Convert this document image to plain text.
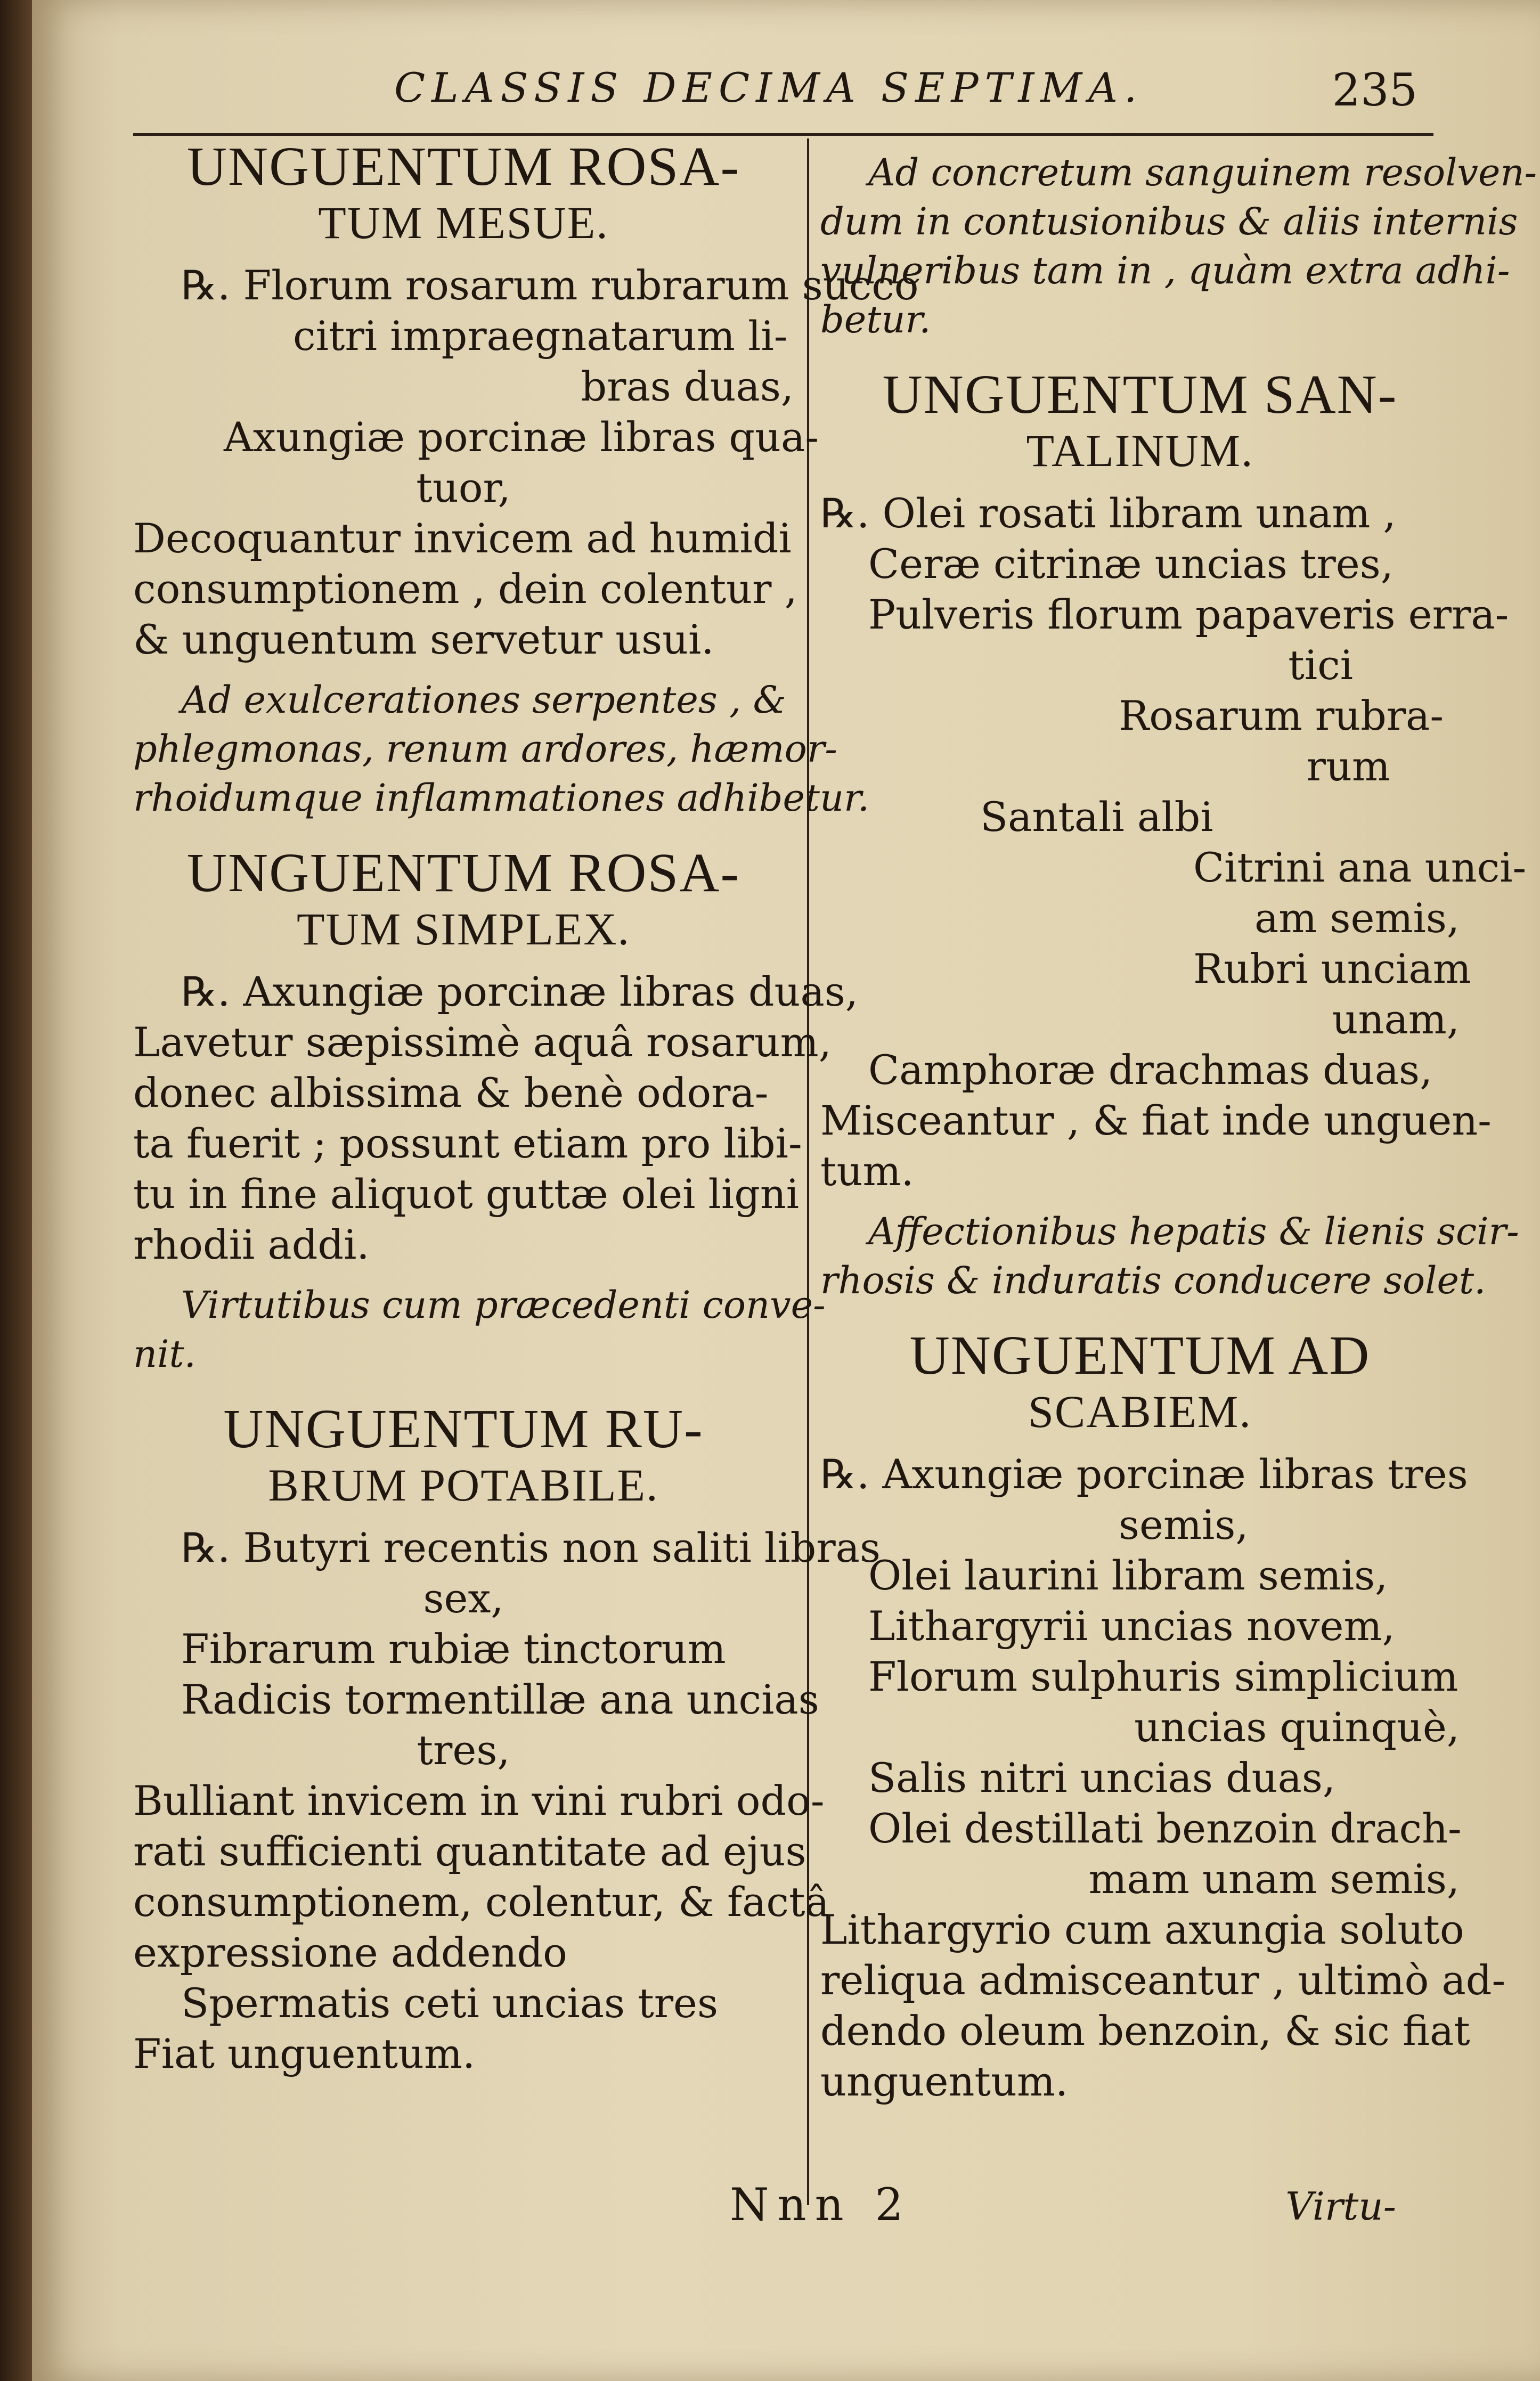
CLASSIS DECIMA SEPTIMA.	235
UNGUENTUM ROSA-
TUM MESUE.
℞. Florum rosarum rubrarum succo
citri impraegnatarum li-
bras duas,
Axungiæ porcinæ libras qua-
tuor,
Decoquantur invicem ad humidi
consumptionem , dein colentur ,
& unguentum servetur usui.
Ad exulcerationes serpentes , &
phlegmonas, renum ardores, hæmor-
rhoidumque inflammationes adhibetur.
UNGUENTUM ROSA-
TUM SIMPLEX.
℞. Axungiæ porcinæ libras duas,
Lavetur sæpissimè aquâ rosarum,
donec albissima & benè odora-
ta fuerit ; possunt etiam pro libi-
tu in fine aliquot guttæ olei ligni
rhodii addi.
Virtutibus cum præcedenti conve-
nit.
UNGUENTUM RU-
BRUM POTABILE.
℞. Butyri recentis non saliti libras
sex,
Fibrarum rubiæ tinctorum
Radicis tormentillæ ana uncias
tres,
Bulliant invicem in vini rubri odo-
rati sufficienti quantitate ad ejus
consumptionem, colentur, & factâ
expressione addendo
Spermatis ceti uncias tres
Fiat unguentum.
Ad concretum sanguinem resolven-
dum in contusionibus & aliis internis
vulneribus tam in , quàm extra adhi-
betur.
UNGUENTUM SAN-
TALINUM.
℞. Olei rosati libram unam ,
Ceræ citrinæ uncias tres,
Pulveris florum papaveris erra-
tici
Rosarum rubra-
rum
Santali albi
Citrini ana unci-
am semis,
Rubri unciam
unam,
Camphoræ drachmas duas,
Misceantur , & fiat inde unguen-
tum.
Affectionibus hepatis & lienis scir-
rhosis & induratis conducere solet.
UNGUENTUM AD
SCABIEM.
℞. Axungiæ porcinæ libras tres
semis,
Olei laurini libram semis,
Lithargyrii uncias novem,
Florum sulphuris simplicium
uncias quinquè,
Salis nitri uncias duas,
Olei destillati benzoin drach-
mam unam semis,
Lithargyrio cum axungia soluto
reliqua admisceantur , ultimò ad-
dendo oleum benzoin, & sic fiat
unguentum.
Nnn 2	Virtu-
